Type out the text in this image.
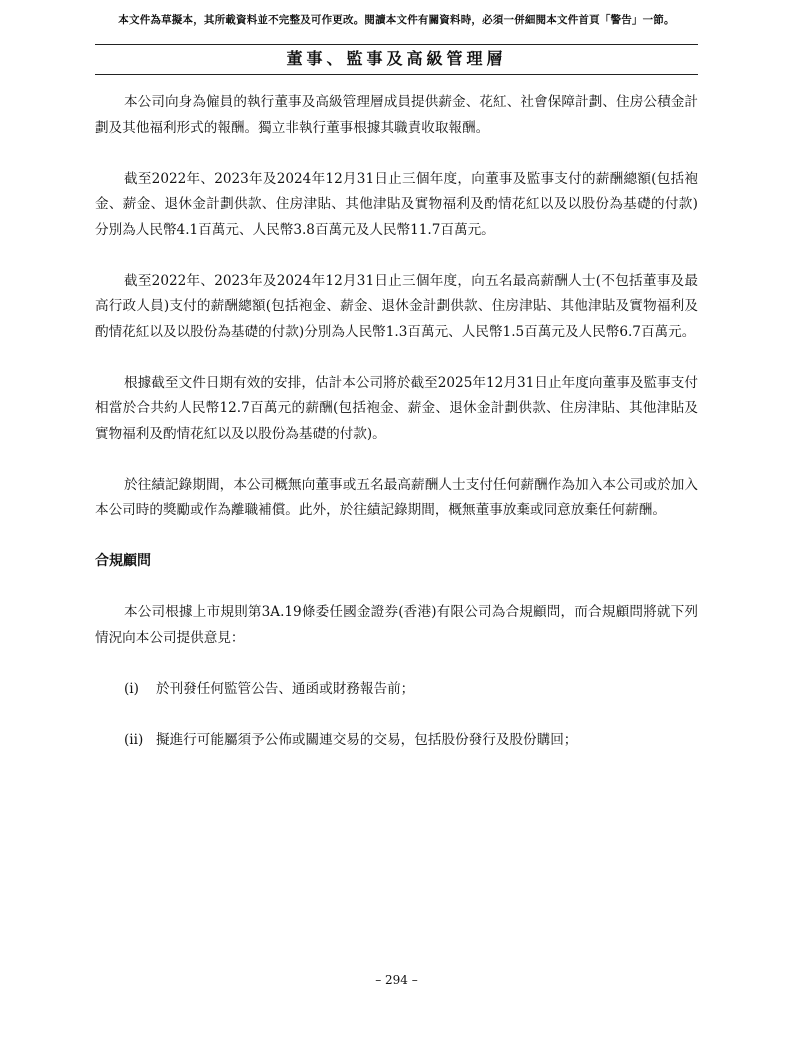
本文件為草擬本，其所載資料並不完整及可作更改。閱讀本文件有關資料時，必須一併細閱本文件首頁「警告」一節。
董事、監事及高級管理層

本公司向身為僱員的執行董事及高級管理層成員提供薪金、花紅、社會保障計劃、住房公積金計劃及其他福利形式的報酬。獨立非執行董事根據其職責收取報酬。

截至2022年、2023年及2024年12月31日止三個年度，向董事及監事支付的薪酬總額(包括袍金、薪金、退休金計劃供款、住房津貼、其他津貼及實物福利及酌情花紅以及以股份為基礎的付款)分別為人民幣4.1百萬元、人民幣3.8百萬元及人民幣11.7百萬元。

截至2022年、2023年及2024年12月31日止三個年度，向五名最高薪酬人士(不包括董事及最高行政人員)支付的薪酬總額(包括袍金、薪金、退休金計劃供款、住房津貼、其他津貼及實物福利及酌情花紅以及以股份為基礎的付款)分別為人民幣1.3百萬元、人民幣1.5百萬元及人民幣6.7百萬元。

根據截至文件日期有效的安排，估計本公司將於截至2025年12月31日止年度向董事及監事支付相當於合共約人民幣12.7百萬元的薪酬(包括袍金、薪金、退休金計劃供款、住房津貼、其他津貼及實物福利及酌情花紅以及以股份為基礎的付款)。

於往績記錄期間，本公司概無向董事或五名最高薪酬人士支付任何薪酬作為加入本公司或於加入本公司時的獎勵或作為離職補償。此外，於往績記錄期間，概無董事放棄或同意放棄任何薪酬。

合規顧問

本公司根據上市規則第3A.19條委任國金證券(香港)有限公司為合規顧問，而合規顧問將就下列情況向本公司提供意見：

(i)	於刊發任何監管公告、通函或財務報告前；
(ii) 擬進行可能屬須予公佈或關連交易的交易，包括股份發行及股份購回；
– 294 –
